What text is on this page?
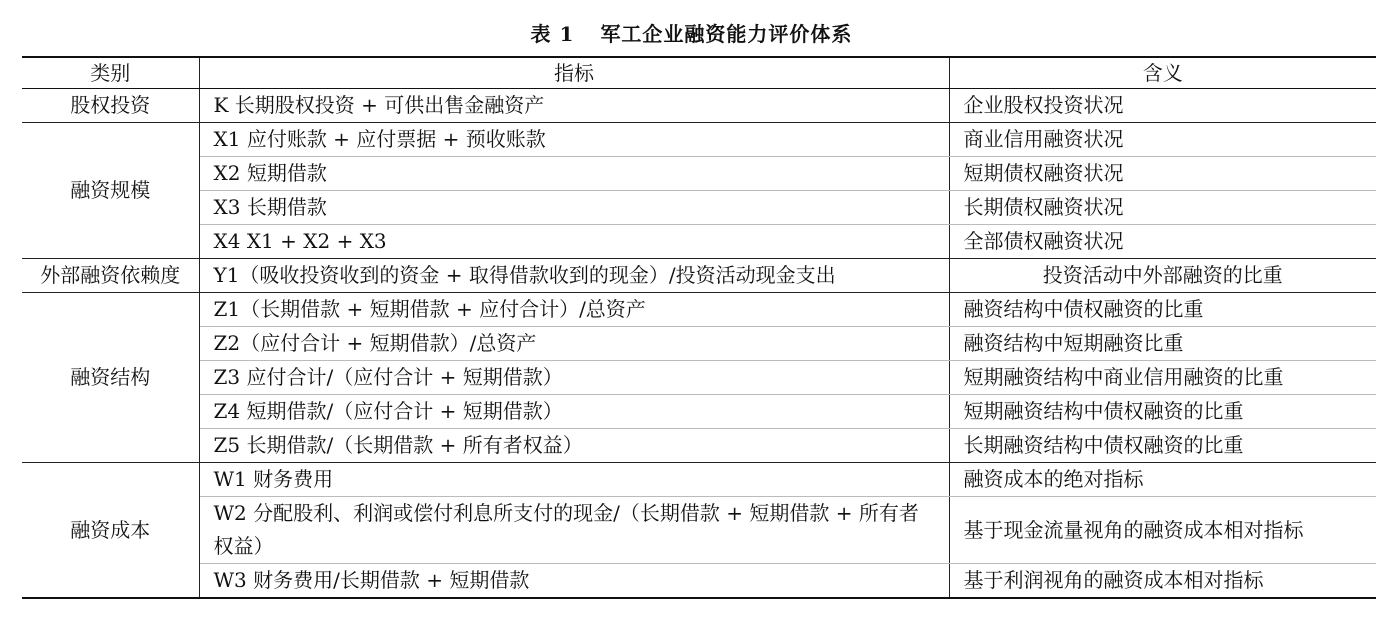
表 1 军工企业融资能力评价体系
类别	指标	含义
股权投资	K 长期股权投资 + 可供出售金融资产	企业股权投资状况
融资规模	X1 应付账款 + 应付票据 + 预收账款	商业信用融资状况
	X2 短期借款	短期债权融资状况
	X3 长期借款	长期债权融资状况
	X4 X1 + X2 + X3	全部债权融资状况
外部融资依赖度	Y1（吸收投资收到的资金 + 取得借款收到的现金）/投资活动现金支出	投资活动中外部融资的比重
融资结构	Z1（长期借款 + 短期借款 + 应付合计）/总资产	融资结构中债权融资的比重
	Z2（应付合计 + 短期借款）/总资产	融资结构中短期融资比重
	Z3 应付合计/（应付合计 + 短期借款）	短期融资结构中商业信用融资的比重
	Z4 短期借款/（应付合计 + 短期借款）	短期融资结构中债权融资的比重
	Z5 长期借款/（长期借款 + 所有者权益）	长期融资结构中债权融资的比重
融资成本	W1 财务费用	融资成本的绝对指标
	W2 分配股利、利润或偿付利息所支付的现金/（长期借款 + 短期借款 + 所有者权益）	基于现金流量视角的融资成本相对指标
	W3 财务费用/长期借款 + 短期借款	基于利润视角的融资成本相对指标
